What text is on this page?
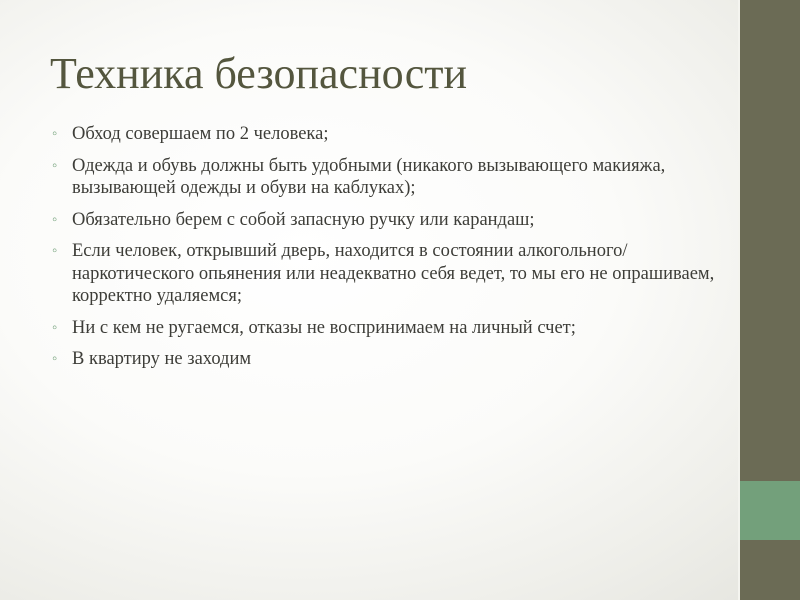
Техника безопасности
◦ Обход совершаем по 2 человека;
◦ Одежда и обувь должны быть удобными (никакого вызывающего макияжа, вызывающей одежды и обуви на каблуках);
◦ Обязательно берем с собой запасную ручку или карандаш;
◦ Если человек, открывший дверь, находится в состоянии алкогольного/наркотического опьянения или неадекватно себя ведет, то мы его не опрашиваем, корректно удаляемся;
◦ Ни с кем не ругаемся, отказы не воспринимаем на личный счет;
◦ В квартиру не заходим
